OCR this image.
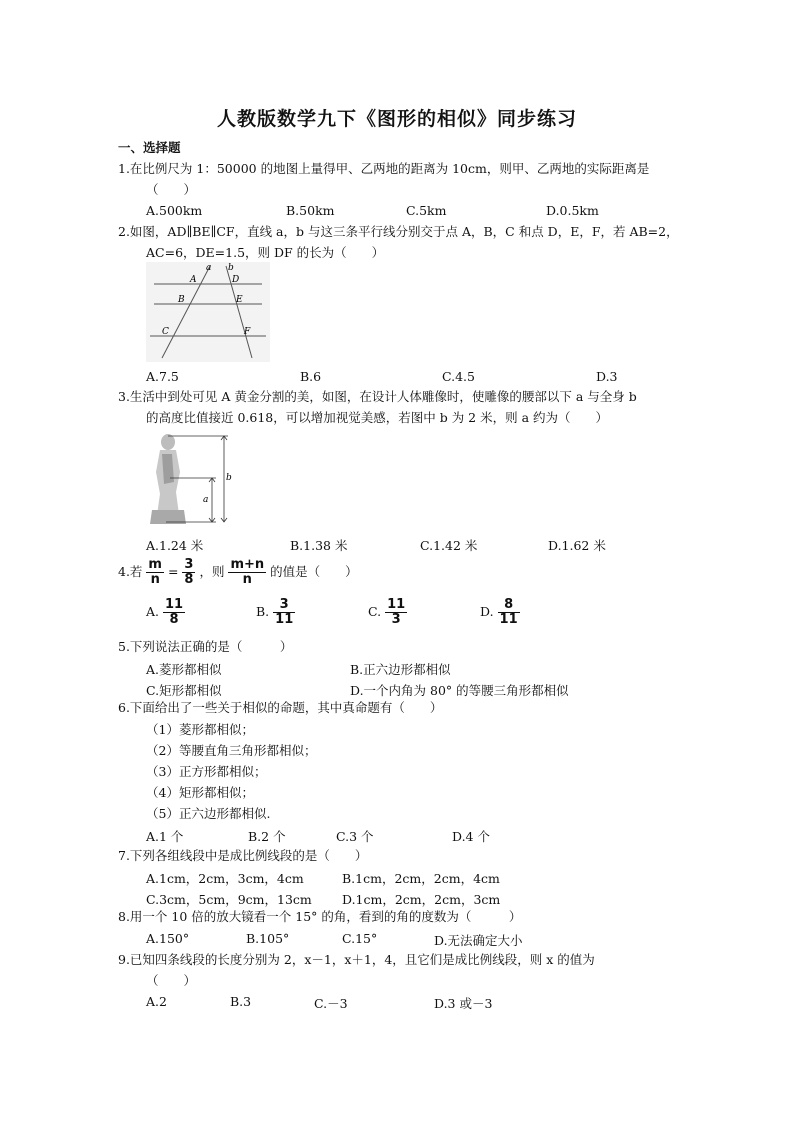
人教版数学九下《图形的相似》同步练习
一、选择题
1.在比例尺为 1：50000 的地图上量得甲、乙两地的距离为 10cm，则甲、乙两地的实际距离是
（　　）
A.500km	B.50km	C.5km	D.0.5km
2.如图，AD∥BE∥CF，直线 a，b 与这三条平行线分别交于点 A，B，C 和点 D，E，F，若 AB=2，
AC=6，DE=1.5，则 DF 的长为（　　）
a b
A	D
B	E
C	F
A.7.5	B.6	C.4.5	D.3
3.生活中到处可见 A 黄金分割的美，如图，在设计人体雕像时，使雕像的腰部以下 a 与全身 b
的高度比值接近 0.618，可以增加视觉美感，若图中 b 为 2 米，则 a 约为（　　）
a
b
A.1.24 米	B.1.38 米	C.1.42 米	D.1.62 米
4.若 $\frac{m}{n} = \frac{3}{8}$ ，则 $\frac{m+n}{n}$ 的值是（　　）
A. $\frac{11}{8}$	B. $\frac{3}{11}$	C. $\frac{11}{3}$	D. $\frac{8}{11}$
5.下列说法正确的是（　　　）
A.菱形都相似	B.正六边形都相似
C.矩形都相似	D.一个内角为 80° 的等腰三角形都相似
6.下面给出了一些关于相似的命题，其中真命题有（　　）
（1）菱形都相似；
（2）等腰直角三角形都相似；
（3）正方形都相似；
（4）矩形都相似；
（5）正六边形都相似.
A.1 个	B.2 个	C.3 个	D.4 个
7.下列各组线段中是成比例线段的是（　　）
A.1cm，2cm，3cm，4cm	B.1cm，2cm，2cm，4cm
C.3cm，5cm，9cm，13cm D.1cm，2cm，2cm，3cm
8.用一个 10 倍的放大镜看一个 15° 的角，看到的角的度数为（　　　）
A.150°	B.105°	C.15°	D.无法确定大小
9.已知四条线段的长度分别为 2，x－1，x＋1，4，且它们是成比例线段，则 x 的值为
（　　）
A.2	B.3	C.－3	D.3 或－3
